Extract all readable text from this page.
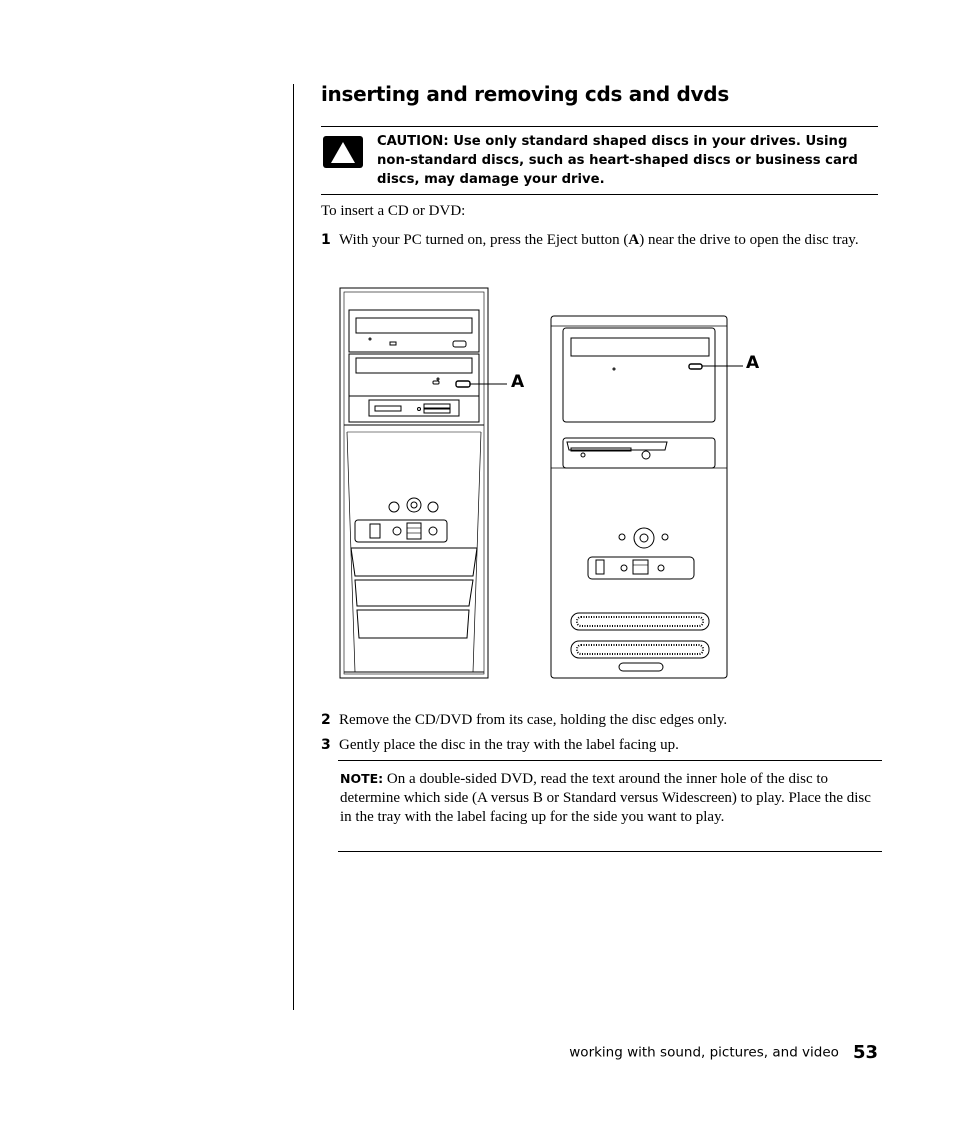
inserting and removing cds and dvds
CAUTION: Use only standard shaped discs in your drives. Using non-standard discs, such as heart-shaped discs or business card discs, may damage your drive.
To insert a CD or DVD:
1 With your PC turned on, press the Eject button (A) near the drive to open the disc tray.
A
A
2 Remove the CD/DVD from its case, holding the disc edges only.
3 Gently place the disc in the tray with the label facing up.
NOTE: On a double-sided DVD, read the text around the inner hole of the disc to determine which side (A versus B or Standard versus Widescreen) to play. Place the disc in the tray with the label facing up for the side you want to play.
working with sound, pictures, and video 53
